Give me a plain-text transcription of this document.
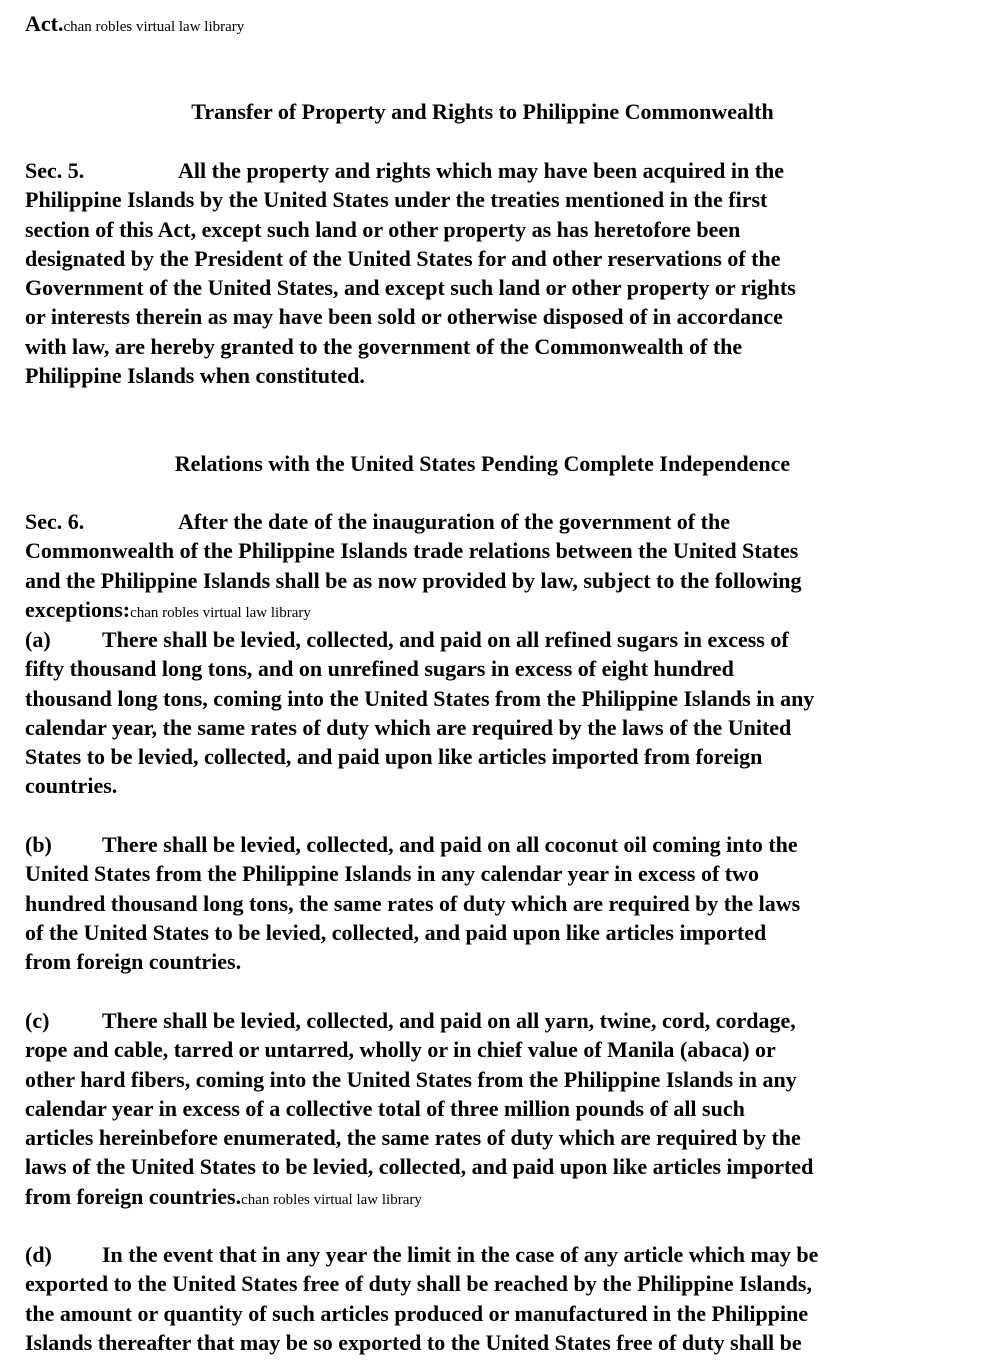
Act.chan robles virtual law library
Transfer of Property and Rights to Philippine Commonwealth
Sec. 5.	All the property and rights which may have been acquired in the
Philippine Islands by the United States under the treaties mentioned in the first
section of this Act, except such land or other property as has heretofore been
designated by the President of the United States for and other reservations of the
Government of the United States, and except such land or other property or rights
or interests therein as may have been sold or otherwise disposed of in accordance
with law, are hereby granted to the government of the Commonwealth of the
Philippine Islands when constituted.
Relations with the United States Pending Complete Independence
Sec. 6.	After the date of the inauguration of the government of the
Commonwealth of the Philippine Islands trade relations between the United States
and the Philippine Islands shall be as now provided by law, subject to the following
exceptions:chan robles virtual law library
(a) There shall be levied, collected, and paid on all refined sugars in excess of
fifty thousand long tons, and on unrefined sugars in excess of eight hundred
thousand long tons, coming into the United States from the Philippine Islands in any
calendar year, the same rates of duty which are required by the laws of the United
States to be levied, collected, and paid upon like articles imported from foreign
countries.
(b) There shall be levied, collected, and paid on all coconut oil coming into the
United States from the Philippine Islands in any calendar year in excess of two
hundred thousand long tons, the same rates of duty which are required by the laws
of the United States to be levied, collected, and paid upon like articles imported
from foreign countries.
(c) There shall be levied, collected, and paid on all yarn, twine, cord, cordage,
rope and cable, tarred or untarred, wholly or in chief value of Manila (abaca) or
other hard fibers, coming into the United States from the Philippine Islands in any
calendar year in excess of a collective total of three million pounds of all such
articles hereinbefore enumerated, the same rates of duty which are required by the
laws of the United States to be levied, collected, and paid upon like articles imported
from foreign countries.chan robles virtual law library
(d) In the event that in any year the limit in the case of any article which may be
exported to the United States free of duty shall be reached by the Philippine Islands,
the amount or quantity of such articles produced or manufactured in the Philippine
Islands thereafter that may be so exported to the United States free of duty shall be
